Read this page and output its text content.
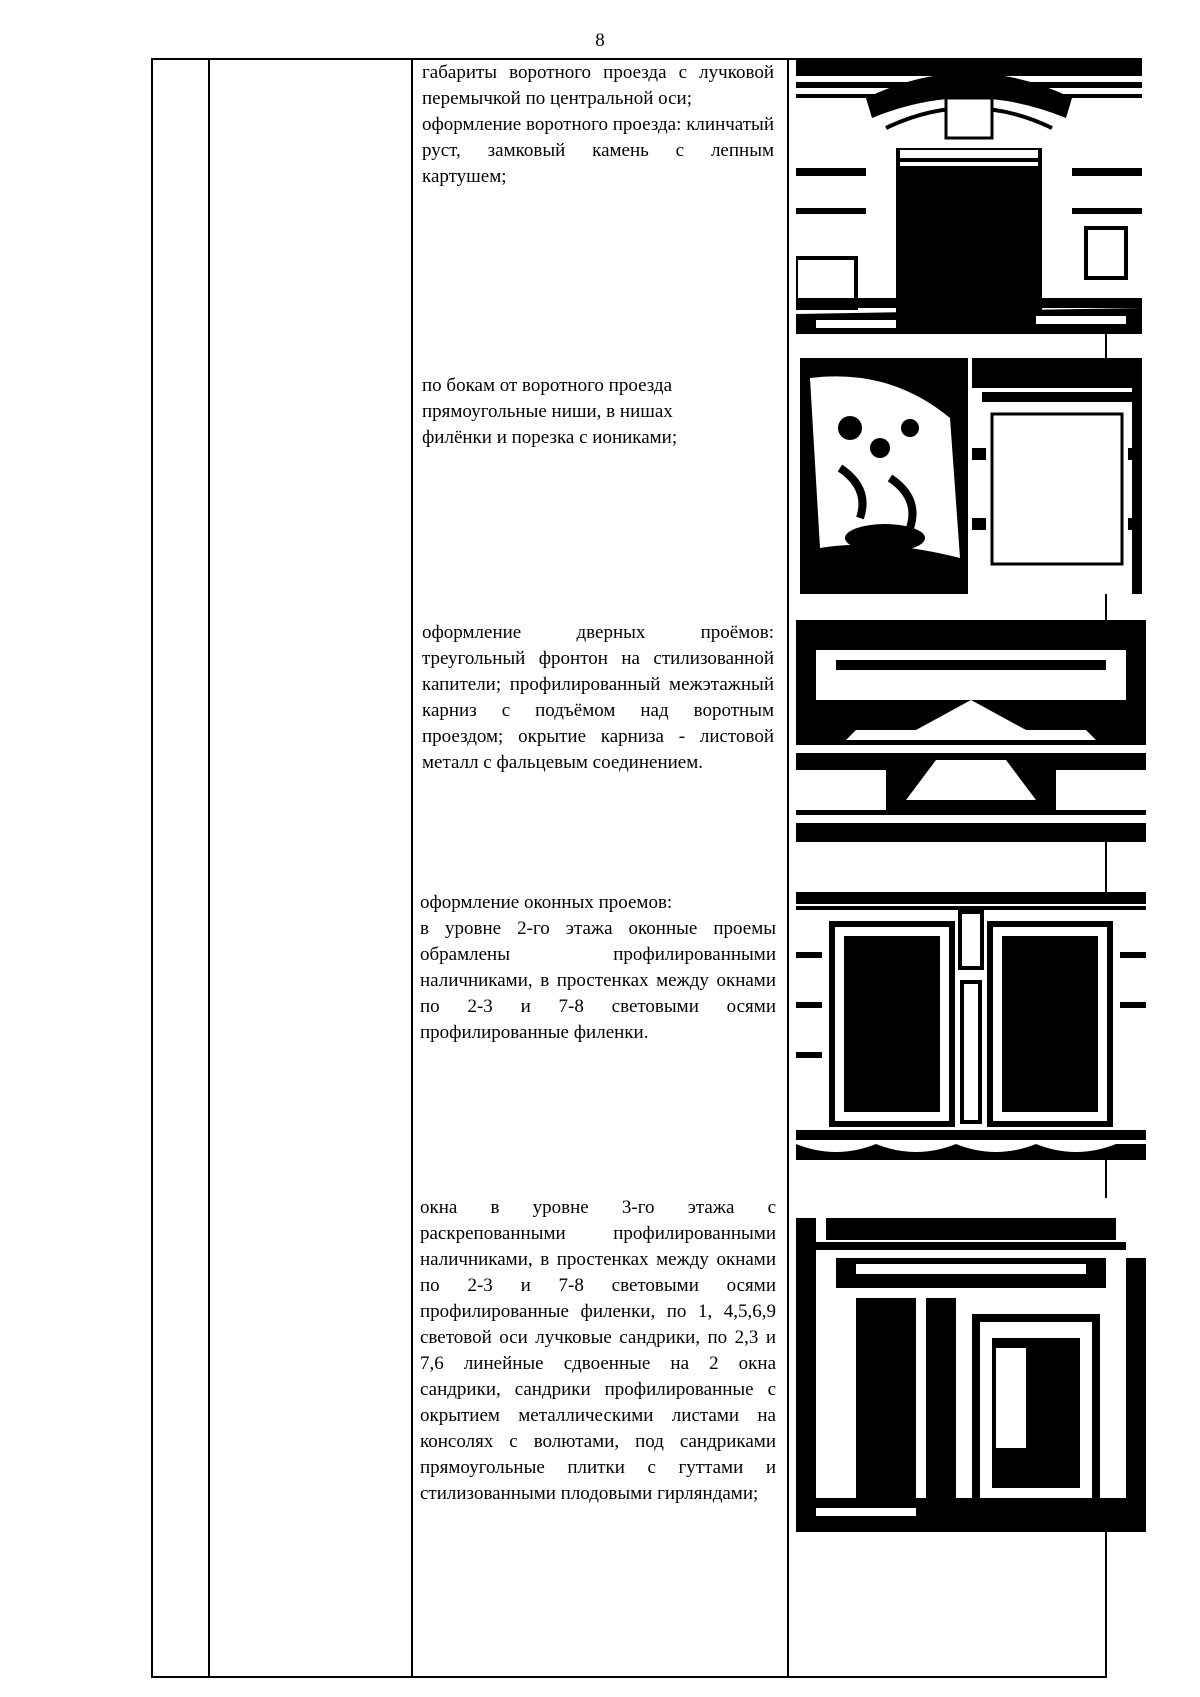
8

габариты воротного проезда с лучковой перемычкой по центральной оси;

оформление воротного проезда: клинчатый руст, замковый камень с лепным картушем;

по бокам от воротного проезда прямоугольные ниши, в нишах филёнки и порезка с иониками;

оформление дверных проёмов: треугольный фронтон на стилизованной капители; профилированный межэтажный карниз с подъёмом над воротным проездом; окрытие карниза - листовой металл с фальцевым соединением.

оформление оконных проемов:

в уровне 2-го этажа оконные проемы обрамлены профилированными наличниками, в простенках между окнами по 2-3 и 7-8 световыми осями профилированные филенки.

окна в уровне 3-го этажа с раскрепованными профилированными наличниками, в простенках между окнами по 2-3 и 7-8 световыми осями профилированные филенки, по 1, 4,5,6,9 световой оси лучковые сандрики, по 2,3 и 7,6 линейные сдвоенные на 2 окна сандрики, сандрики профилированные с окрытием металлическими листами на консолях с волютами, под сандриками прямоугольные плитки с гуттами и стилизованными плодовыми гирляндами;
